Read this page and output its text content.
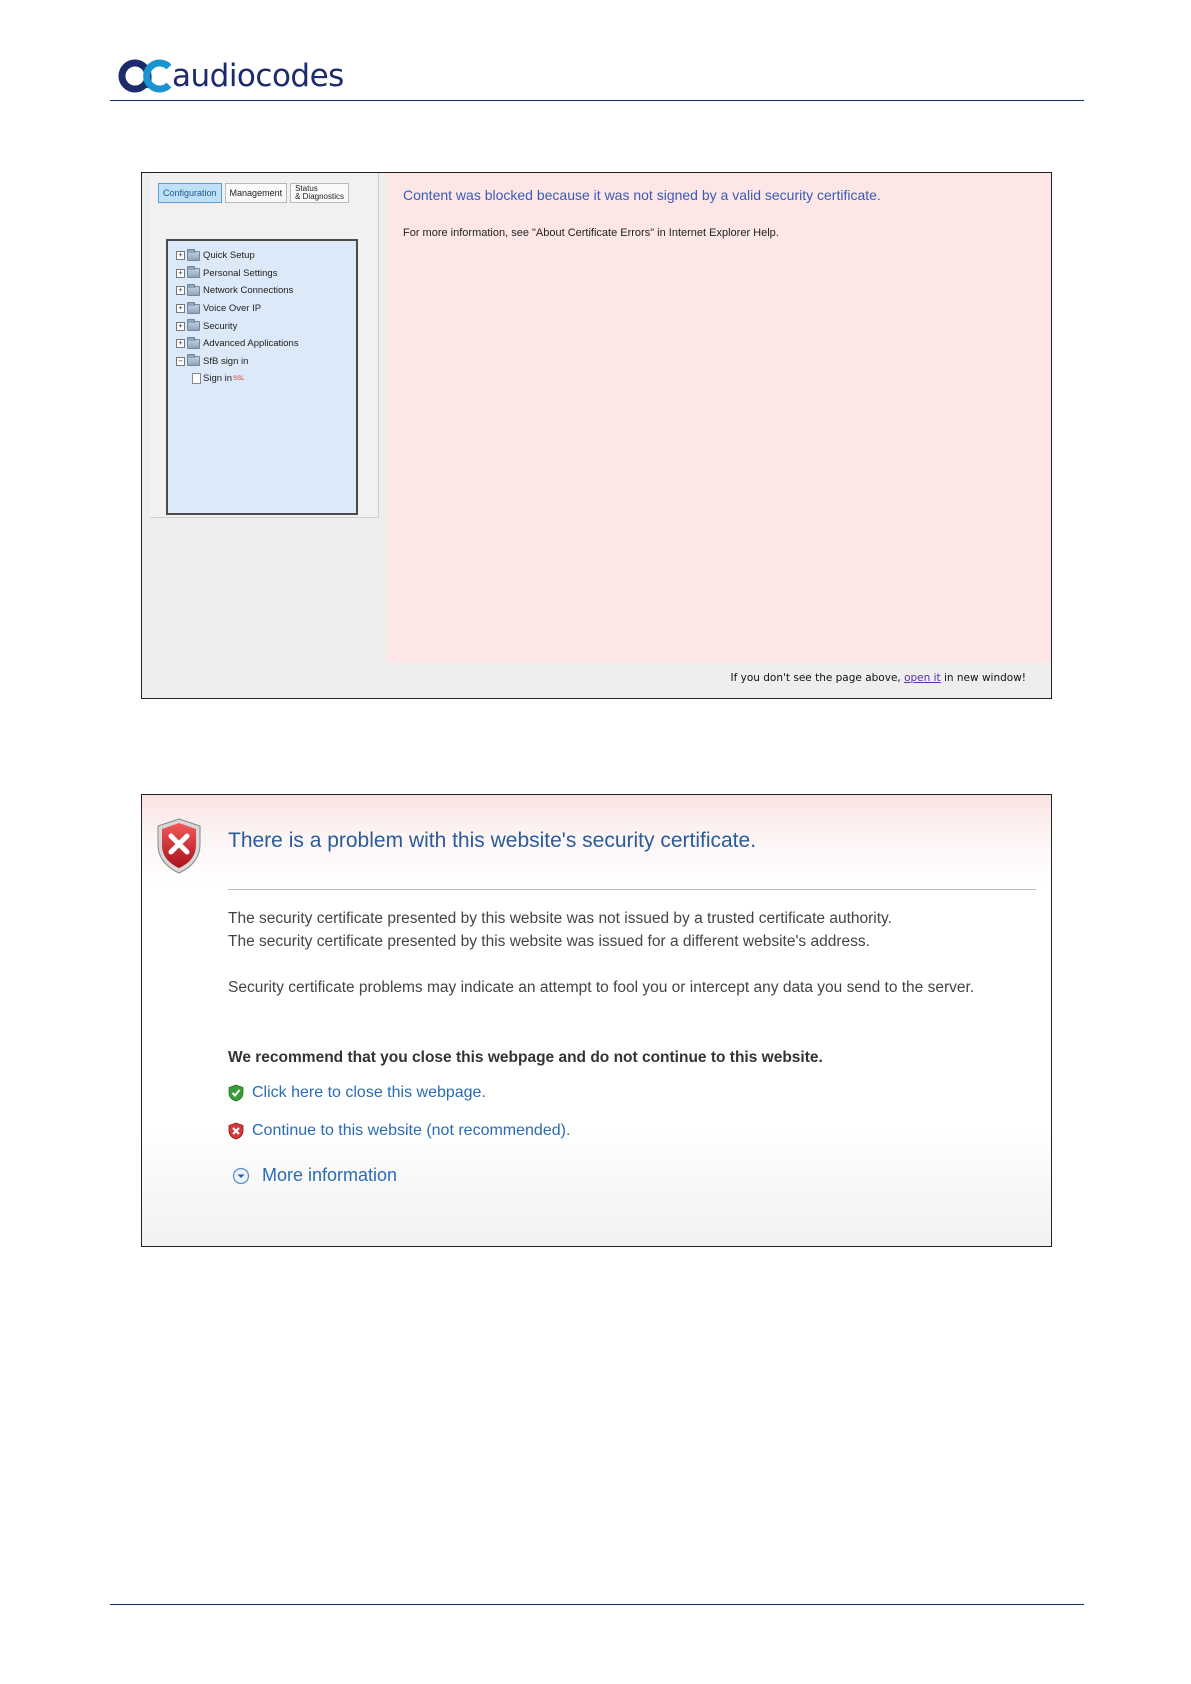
audiocodes
Configuration Management Status
& Diagnostics
+ Quick Setup
+ Personal Settings
+ Network Connections
+ Voice Over IP
+ Security
+ Advanced Applications
− SfB sign in
Sign in SSL
Content was blocked because it was not signed by a valid security certificate.
For more information, see "About Certificate Errors" in Internet Explorer Help.
If you don't see the page above, open it in new window!
There is a problem with this website's security certificate.
The security certificate presented by this website was not issued by a trusted certificate authority.
The security certificate presented by this website was issued for a different website's address.
Security certificate problems may indicate an attempt to fool you or intercept any data you send to the server.
We recommend that you close this webpage and do not continue to this website.
Click here to close this webpage.
Continue to this website (not recommended).
More information
